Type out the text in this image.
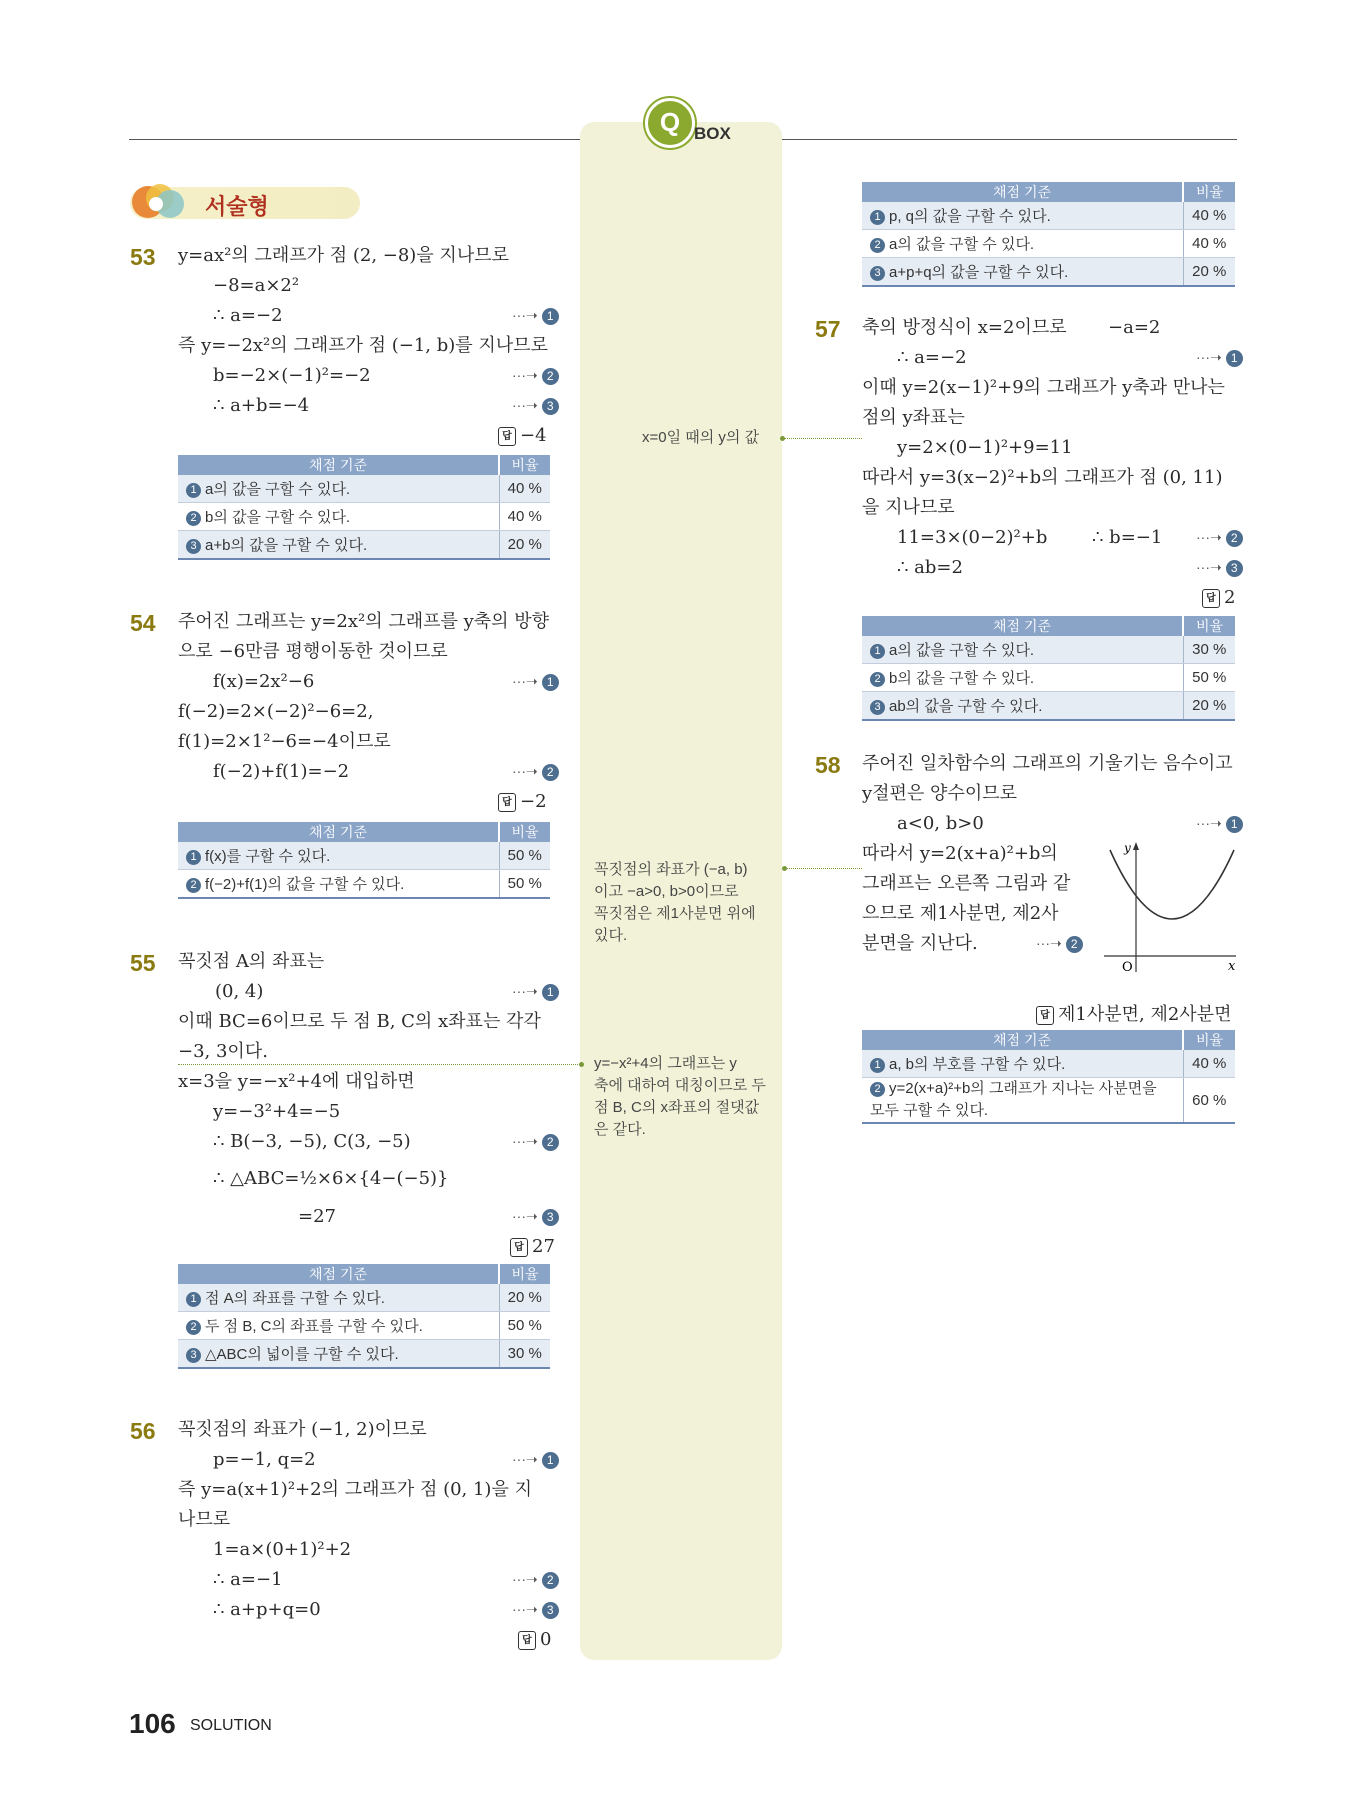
Q BOX
서술형
53 y=ax²의 그래프가 점 (2, −8)을 지나므로
−8=a×2²
∴ a=−2	···➝ 1
즉 y=−2x²의 그래프가 점 (−1, b)를 지나므로
b=−2×(−1)²=−2	···➝ 2
∴ a+b=−4	···➝ 3
답 −4
채점 기준	비율
1 a의 값을 구할 수 있다.	40 %
2 b의 값을 구할 수 있다.	40 %
3 a+b의 값을 구할 수 있다.	20 %
54 주어진 그래프는 y=2x²의 그래프를 y축의 방향
으로 −6만큼 평행이동한 것이므로
f(x)=2x²−6	···➝ 1
f(−2)=2×(−2)²−6=2,
f(1)=2×1²−6=−4이므로
f(−2)+f(1)=−2	···➝ 2
답 −2
채점 기준	비율
1 f(x)를 구할 수 있다.	50 %
2 f(−2)+f(1)의 값을 구할 수 있다.	50 %
55 꼭짓점 A의 좌표는
(0, 4)	···➝ 1
이때 BC=6이므로 두 점 B, C의 x좌표는 각각
−3, 3이다.
x=3을 y=−x²+4에 대입하면
y=−3²+4=−5
∴ B(−3, −5), C(3, −5)	···➝ 2
∴ △ABC=½×6×{4−(−5)}
=27	···➝ 3
답 27
채점 기준	비율
1 점 A의 좌표를 구할 수 있다.	20 %
2 두 점 B, C의 좌표를 구할 수 있다.	50 %
3 △ABC의 넓이를 구할 수 있다.	30 %
56 꼭짓점의 좌표가 (−1, 2)이므로
p=−1, q=2	···➝ 1
즉 y=a(x+1)²+2의 그래프가 점 (0, 1)을 지
나므로
1=a×(0+1)²+2
∴ a=−1	···➝ 2
∴ a+p+q=0	···➝ 3
답 0
채점 기준	비율
1 p, q의 값을 구할 수 있다.	40 %
2 a의 값을 구할 수 있다.	40 %
3 a+p+q의 값을 구할 수 있다.	20 %
57 축의 방정식이 x=2이므로 −a=2
∴ a=−2	···➝ 1
이때 y=2(x−1)²+9의 그래프가 y축과 만나는
점의 y좌표는
y=2×(0−1)²+9=11
따라서 y=3(x−2)²+b의 그래프가 점 (0, 11)
을 지나므로
11=3×(0−2)²+b ∴ b=−1 ···➝ 2
∴ ab=2	···➝ 3
답 2
채점 기준	비율
1 a의 값을 구할 수 있다.	30 %
2 b의 값을 구할 수 있다.	50 %
3 ab의 값을 구할 수 있다.	20 %
58 주어진 일차함수의 그래프의 기울기는 음수이고
y절편은 양수이므로
a<0, b>0	···➝ 1
따라서 y=2(x+a)²+b의
그래프는 오른쪽 그림과 같
으므로 제1사분면, 제2사
분면을 지난다.	···➝ 2
y
x
O
답 제1사분면, 제2사분면
채점 기준	비율
1 a, b의 부호를 구할 수 있다.	40 %
2 y=2(x+a)²+b의 그래프가 지나는 사분면을 모두 구할 수 있다.	60 %
x=0일 때의 y의 값
꼭짓점의 좌표가 (−a, b)
이고 −a>0, b>0이므로
꼭짓점은 제1사분면 위에
있다.
y=−x²+4의 그래프는 y
축에 대하여 대칭이므로 두
점 B, C의 x좌표의 절댓값
은 같다.
106 SOLUTION
